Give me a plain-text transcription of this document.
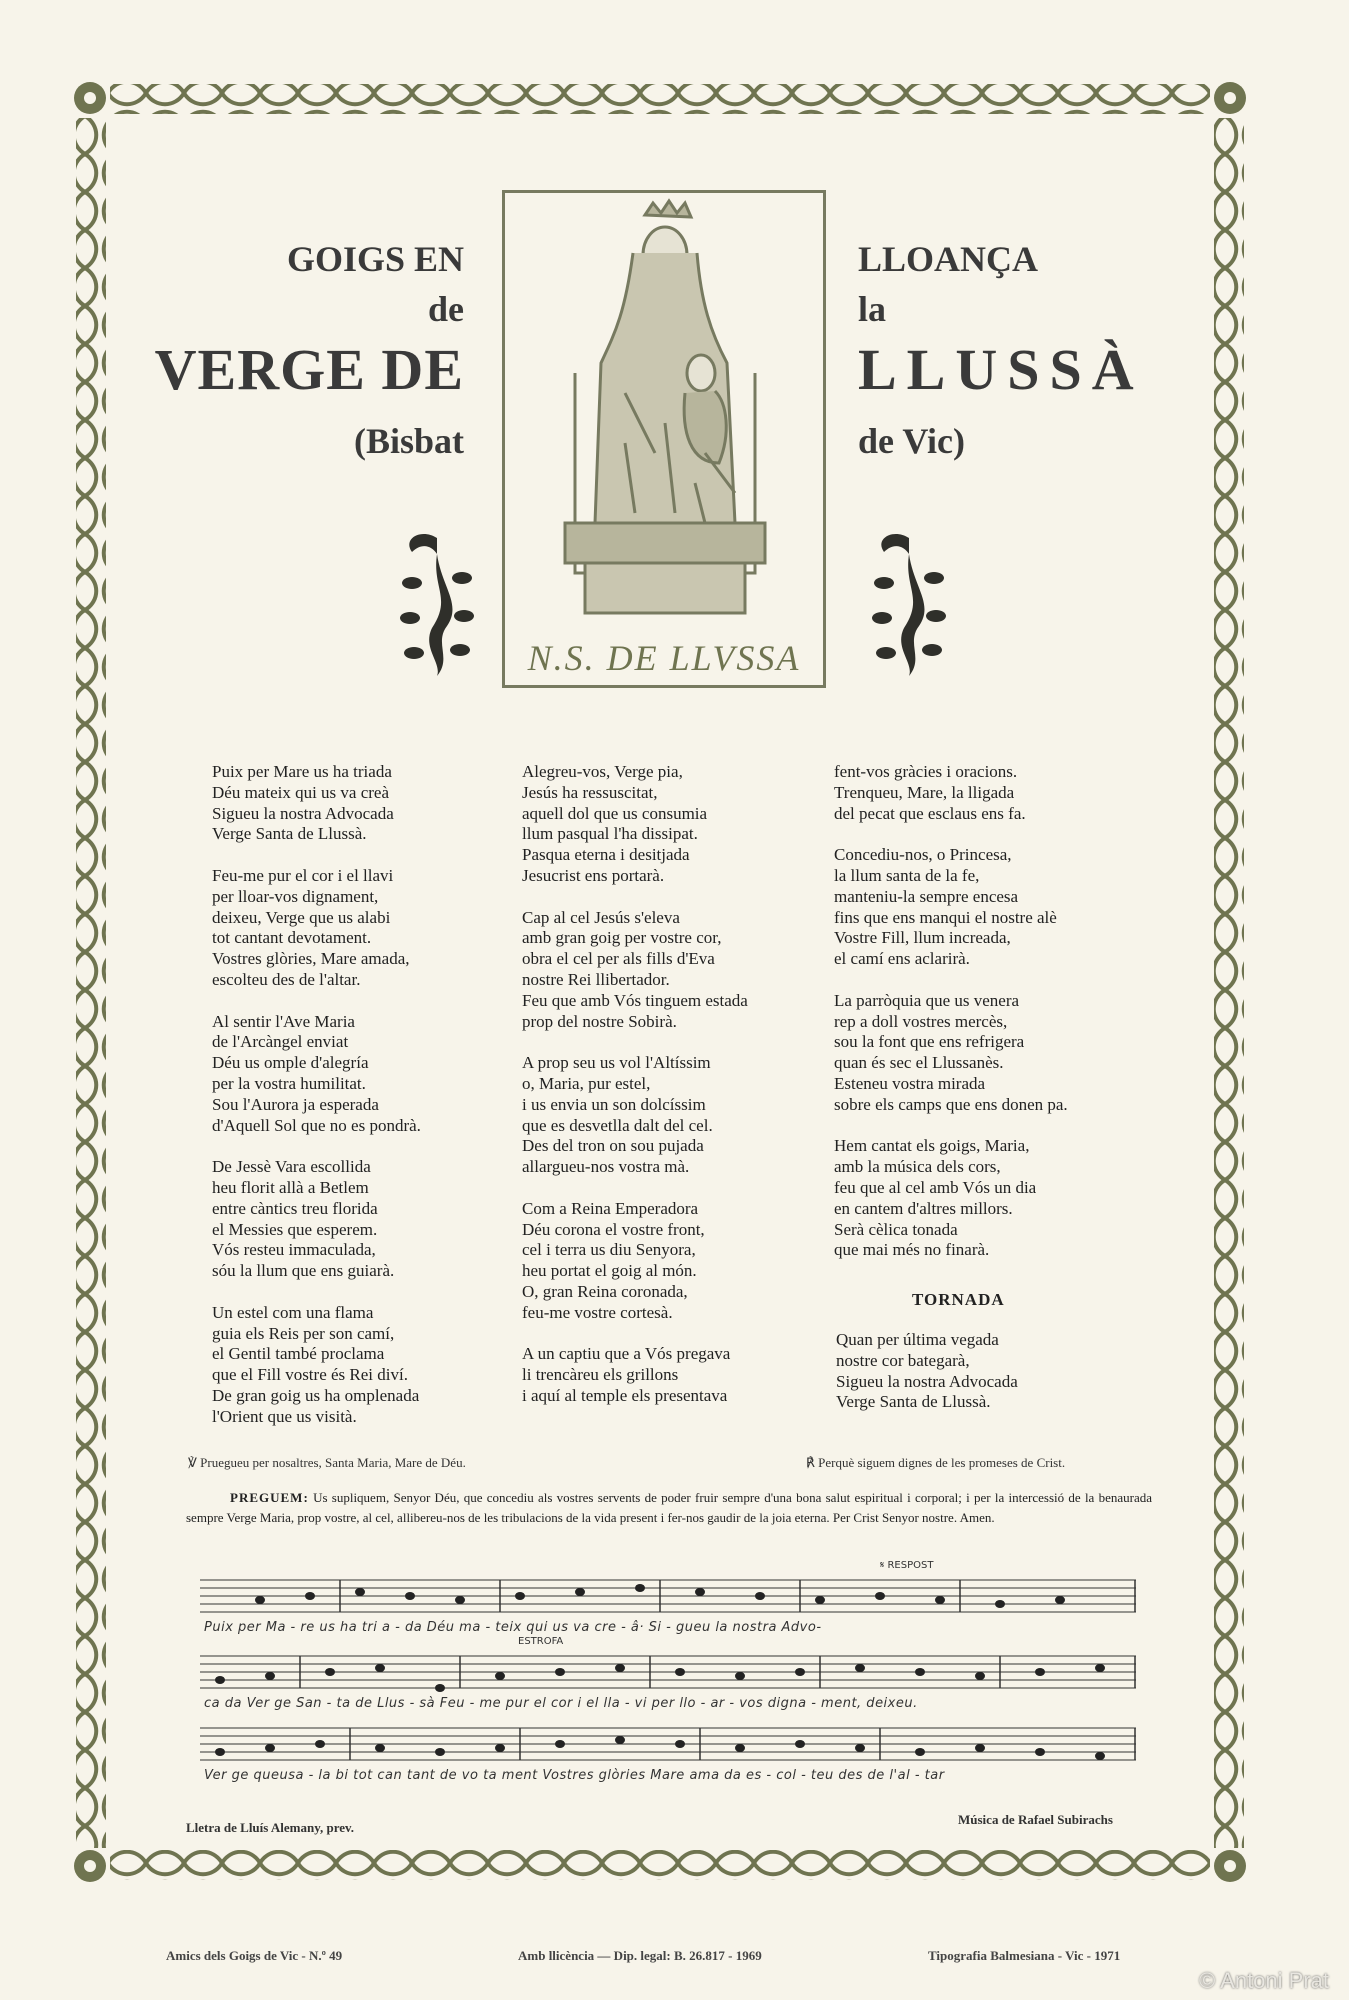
GOIGS EN
de
VERGE DE
(Bisbat
LLOANÇA
la
LLUSSÀ
de Vic)
N.S. DE LLVSSA
Puix per Mare us ha triada
Déu mateix qui us va creà
Sigueu la nostra Advocada
Verge Santa de Llussà.

Feu-me pur el cor i el llavi
per lloar-vos dignament,
deixeu, Verge que us alabi
tot cantant devotament.
Vostres glòries, Mare amada,
escolteu des de l'altar.

Al sentir l'Ave Maria
de l'Arcàngel enviat
Déu us omple d'alegría
per la vostra humilitat.
Sou l'Aurora ja esperada
d'Aquell Sol que no es pondrà.

De Jessè Vara escollida
heu florit allà a Betlem
entre càntics treu florida
el Messies que esperem.
Vós resteu immaculada,
sóu la llum que ens guiarà.

Un estel com una flama
guia els Reis per son camí,
el Gentil també proclama
que el Fill vostre és Rei diví.
De gran goig us ha omplenada
l'Orient que us visità.
Alegreu-vos, Verge pia,
Jesús ha ressuscitat,
aquell dol que us consumia
llum pasqual l'ha dissipat.
Pasqua eterna i desitjada
Jesucrist ens portarà.

Cap al cel Jesús s'eleva
amb gran goig per vostre cor,
obra el cel per als fills d'Eva
nostre Rei llibertador.
Feu que amb Vós tinguem estada
prop del nostre Sobirà.

A prop seu us vol l'Altíssim
o, Maria, pur estel,
i us envia un son dolcíssim
que es desvetlla dalt del cel.
Des del tron on sou pujada
allargueu-nos vostra mà.

Com a Reina Emperadora
Déu corona el vostre front,
cel i terra us diu Senyora,
heu portat el goig al món.
O, gran Reina coronada,
feu-me vostre cortesà.

A un captiu que a Vós pregava
li trencàreu els grillons
i aquí al temple els presentava
fent-vos gràcies i oracions.
Trenqueu, Mare, la lligada
del pecat que esclaus ens fa.

Concediu-nos, o Princesa,
la llum santa de la fe,
manteniu-la sempre encesa
fins que ens manqui el nostre alè
Vostre Fill, llum increada,
el camí ens aclarirà.

La parròquia que us venera
rep a doll vostres mercès,
sou la font que ens refrigera
quan és sec el Llussanès.
Esteneu vostra mirada
sobre els camps que ens donen pa.

Hem cantat els goigs, Maria,
amb la música dels cors,
feu que al cel amb Vós un dia
en cantem d'altres millors.
Serà cèlica tonada
que mai més no finarà.
TORNADA
Quan per última vegada
nostre cor bategarà,
Sigueu la nostra Advocada
Verge Santa de Llussà.
℣ Pruegueu per nosaltres, Santa Maria, Mare de Déu.	℟ Perquè siguem dignes de les promeses de Crist.
PREGUEM: Us supliquem, Senyor Déu, que concediu als vostres servents de poder fruir sempre d'una bona salut espiritual i corporal; i per la intercessió de la benaurada sempre Verge Maria, prop vostre, al cel, allibereu-nos de les tribulacions de la vida present i fer-nos gaudir de la joia eterna. Per Crist Senyor nostre. Amen.
𝄋 RESPOST
Puix per Ma - re us ha tri a - da Déu ma - teix qui us va cre - â· Si - gueu la nostra Advo-
ESTROFA
ca da Ver ge San - ta de Llus - sà Feu - me pur el cor i el lla - vi per llo - ar - vos digna - ment, deixeu.
Ver ge queusa - la bi tot can tant de vo ta ment Vostres glòries Mare ama da es - col - teu des de l'al - tar
Lletra de Lluís Alemany, prev.
Música de Rafael Subirachs
Amics dels Goigs de Vic - N.º 49	Amb llicència — Dip. legal: B. 26.817 - 1969	Tipografia Balmesiana - Vic - 1971
© Antoni Prat
